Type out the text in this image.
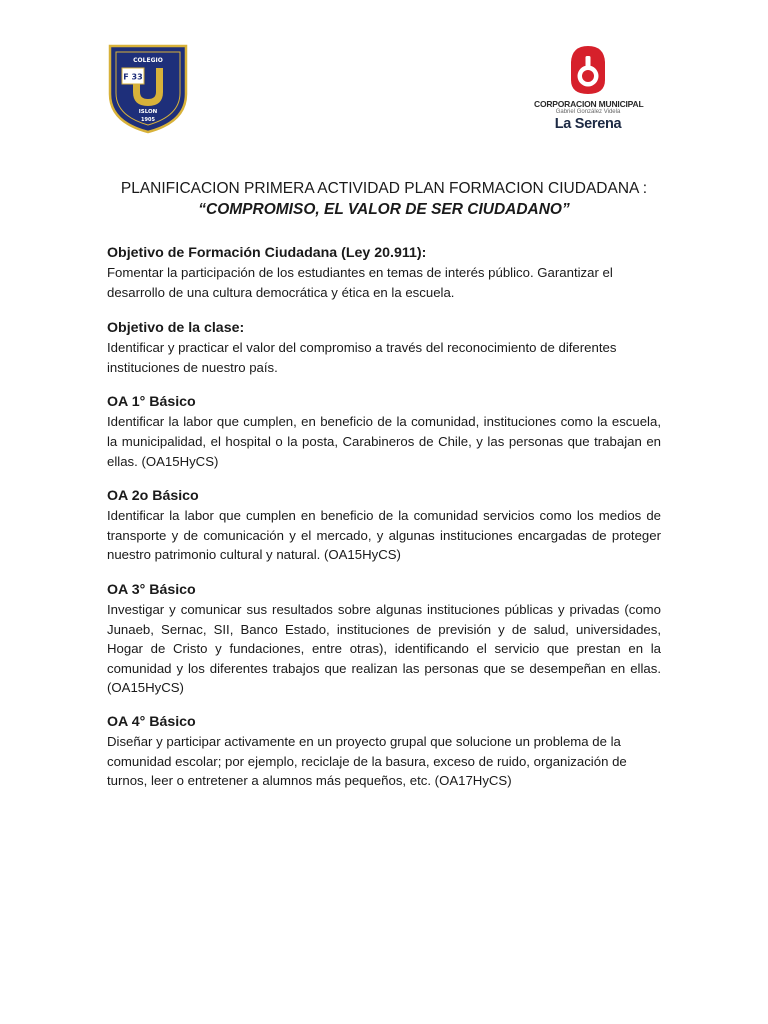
F 33
COLEGIO
ISLON
1905
CORPORACION MUNICIPAL
Gabriel González Videla
La Serena
PLANIFICACION PRIMERA ACTIVIDAD PLAN FORMACION CIUDADANA :
“COMPROMISO, EL VALOR DE SER CIUDADANO”
Objetivo de Formación Ciudadana (Ley 20.911):

Fomentar la participación de los estudiantes en temas de interés público. Garantizar el desarrollo de una cultura democrática y ética en la escuela.

Objetivo de la clase:

Identificar y practicar el valor del compromiso a través del reconocimiento de diferentes instituciones de nuestro país.

OA 1° Básico

Identificar la labor que cumplen, en beneficio de la comunidad, instituciones como la escuela, la municipalidad, el hospital o la posta, Carabineros de Chile, y las personas que trabajan en ellas. (OA15HyCS)

OA 2o Básico

Identificar la labor que cumplen en beneficio de la comunidad servicios como los medios de transporte y de comunicación y el mercado, y algunas instituciones encargadas de proteger nuestro patrimonio cultural y natural. (OA15HyCS)

OA 3° Básico

Investigar y comunicar sus resultados sobre algunas instituciones públicas y privadas (como Junaeb, Sernac, SII, Banco Estado, instituciones de previsión y de salud, universidades, Hogar de Cristo y fundaciones, entre otras), identificando el servicio que prestan en la comunidad y los diferentes trabajos que realizan las personas que se desempeñan en ellas. (OA15HyCS)

OA 4° Básico

Diseñar y participar activamente en un proyecto grupal que solucione un problema de la comunidad escolar; por ejemplo, reciclaje de la basura, exceso de ruido, organización de turnos, leer o entretener a alumnos más pequeños, etc. (OA17HyCS)
